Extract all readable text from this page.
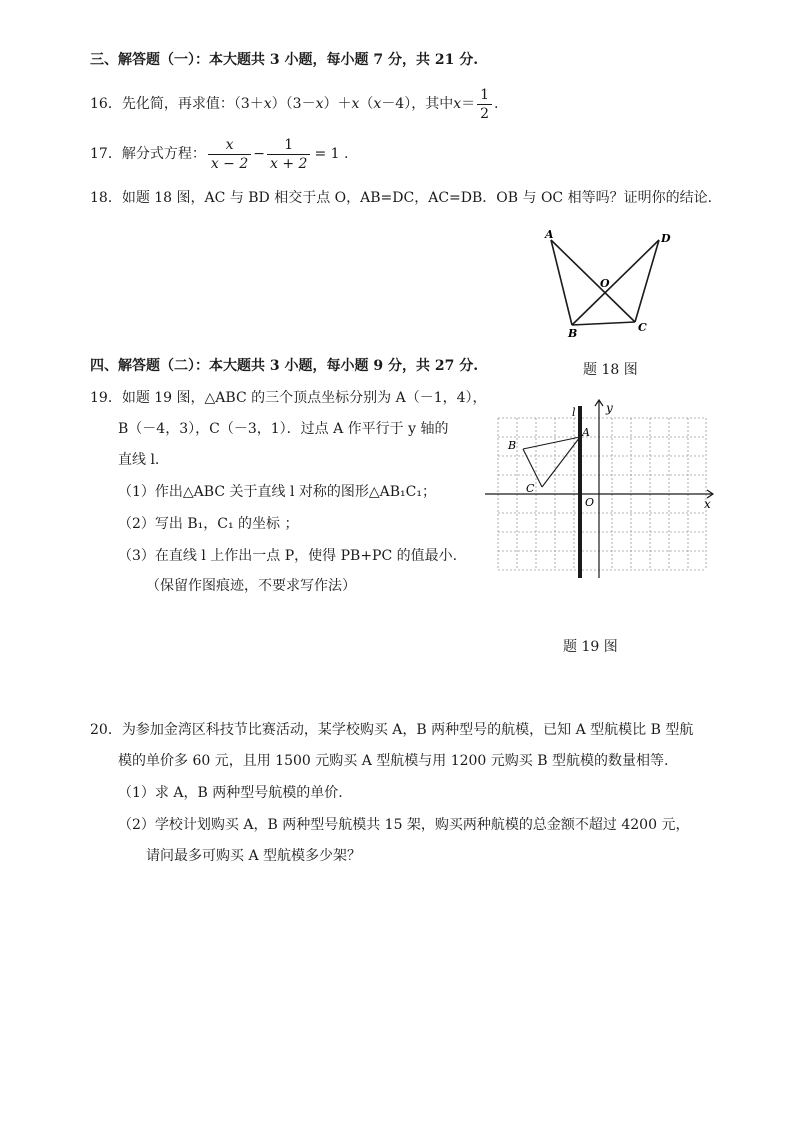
三、解答题（一）：本大题共 3 小题，每小题 7 分，共 21 分.
16． 先化简，再求值：（3＋ x ）（3－ x ）＋ x （ x －4），其中 $x = \frac{1}{2}$ .
17． 解分式方程： $\frac{x}{x - 2} - \frac{1}{x + 2} = 1$ .
18．如题 18 图，AC 与 BD 相交于点 O，AB=DC，AC=DB．OB 与 OC 相等吗？证明你的结论.
A	D
O
B	C
题 18 图
四、解答题（二）：本大题共 3 小题，每小题 9 分，共 27 分.
19．如题 19 图，△ABC 的三个顶点坐标分别为 A（－1，4），
B（－4，3），C（－3，1）．过点 A 作平行于 y 轴的
直线 l.
（1）作出△ABC 关于直线 l 对称的图形△AB₁C₁；
（2）写出 B₁，C₁ 的坐标 ；
（3）在直线 l 上作出一点 P，使得 PB+PC 的值最小.
（保留作图痕迹，不要求写作法）
y
l
x
O
A
B
C
题 19 图
20．为参加金湾区科技节比赛活动，某学校购买 A，B 两种型号的航模，已知 A 型航模比 B 型航
模的单价多 60 元，且用 1500 元购买 A 型航模与用 1200 元购买 B 型航模的数量相等.
（1）求 A，B 两种型号航模的单价.
（2）学校计划购买 A，B 两种型号航模共 15 架，购买两种航模的总金额不超过 4200 元，
请问最多可购买 A 型航模多少架？
